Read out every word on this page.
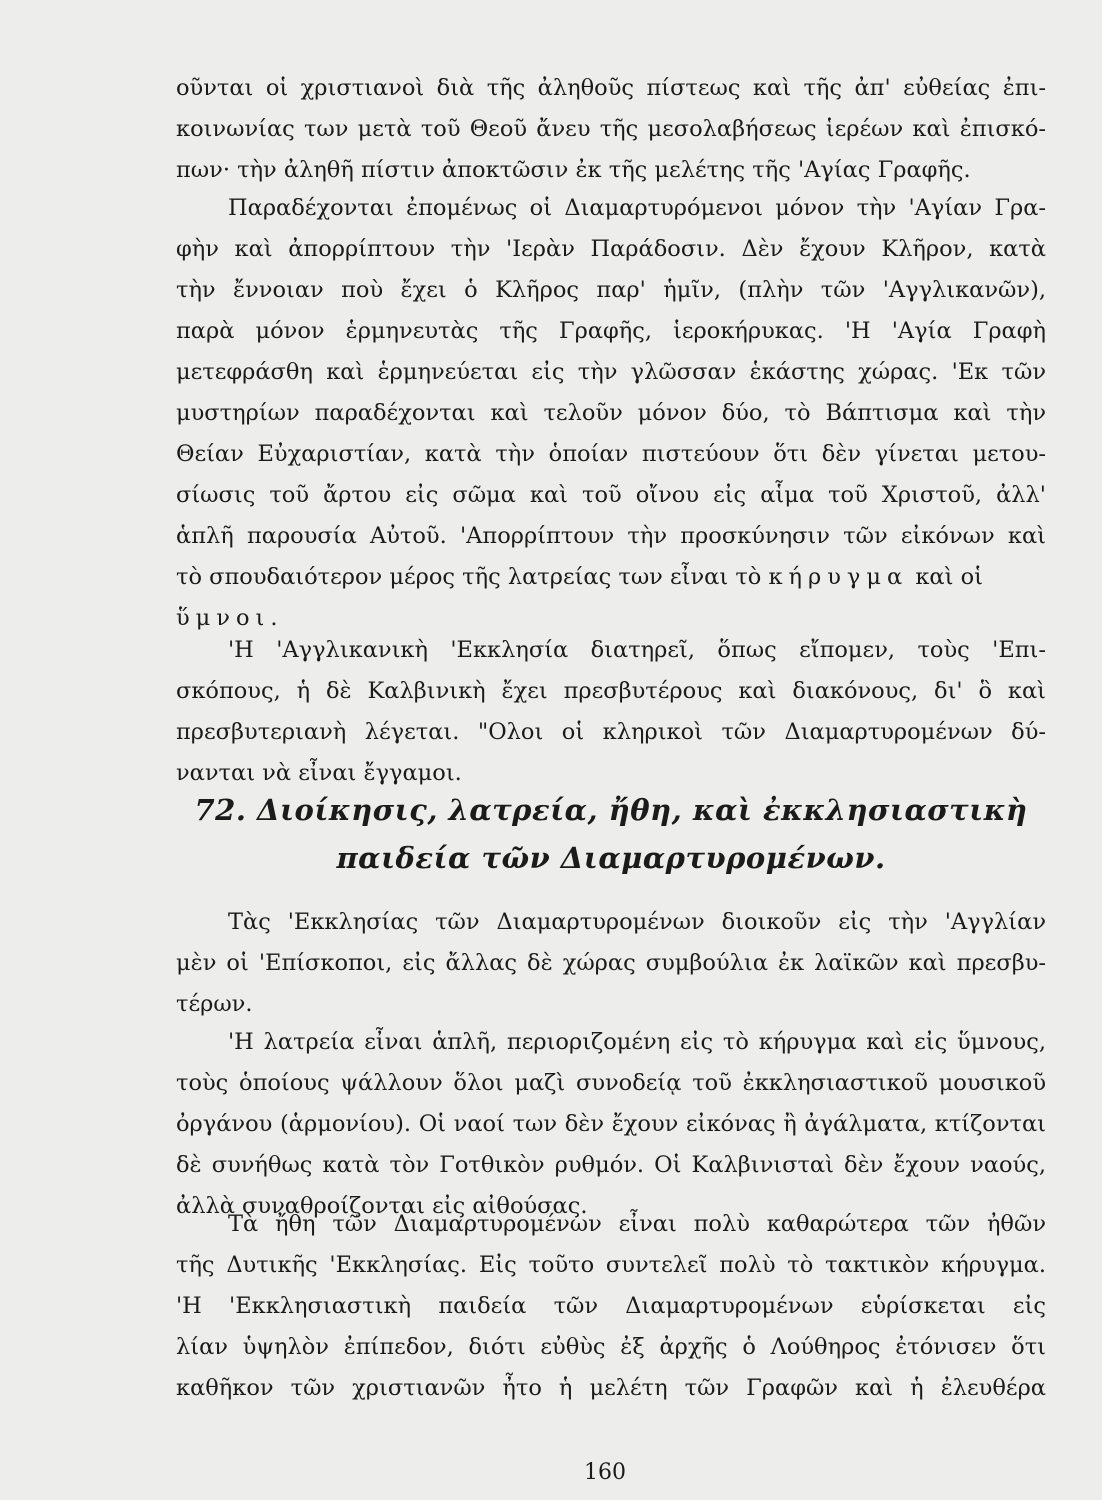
οῦνται οἱ χριστιανοὶ διὰ τῆς ἀληθοῦς πίστεως καὶ τῆς ἀπ' εὐθείας ἐπι-
κοινωνίας των μετὰ τοῦ Θεοῦ ἄνευ τῆς μεσολαβήσεως ἱερέων καὶ ἐπισκό-
πων· τὴν ἀληθῆ πίστιν ἀποκτῶσιν ἐκ τῆς μελέτης τῆς 'Αγίας Γραφῆς.
Παραδέχονται ἐπομένως οἱ Διαμαρτυρόμενοι μόνον τὴν 'Αγίαν Γρα-
φὴν καὶ ἀπορρίπτουν τὴν 'Ιερὰν Παράδοσιν. Δὲν ἔχουν Κλῆρον, κατὰ
τὴν ἔννοιαν ποὺ ἔχει ὁ Κλῆρος παρ' ἡμῖν, (πλὴν τῶν 'Αγγλικανῶν),
παρὰ μόνον ἑρμηνευτὰς τῆς Γραφῆς, ἱεροκήρυκας. 'Η 'Αγία Γραφὴ
μετεφράσθη καὶ ἑρμηνεύεται εἰς τὴν γλῶσσαν ἑκάστης χώρας. 'Εκ τῶν
μυστηρίων παραδέχονται καὶ τελοῦν μόνον δύο, τὸ Βάπτισμα καὶ τὴν
Θείαν Εὐχαριστίαν, κατὰ τὴν ὁποίαν πιστεύουν ὅτι δὲν γίνεται μετου-
σίωσις τοῦ ἄρτου εἰς σῶμα καὶ τοῦ οἴνου εἰς αἷμα τοῦ Χριστοῦ, ἀλλ'
ἁπλῆ παρουσία Αὐτοῦ. 'Απορρίπτουν τὴν προσκύνησιν τῶν εἰκόνων καὶ
τὸ σπουδαιότερον μέρος τῆς λατρείας των εἶναι τὸ κήρυγμα καὶ οἱ
ὕμνοι.
'Η 'Αγγλικανικὴ 'Εκκλησία διατηρεῖ, ὅπως εἴπομεν, τοὺς 'Επι-
σκόπους, ἡ δὲ Καλβινικὴ ἔχει πρεσβυτέρους καὶ διακόνους, δι' ὃ καὶ
πρεσβυτεριανὴ λέγεται. "Ολοι οἱ κληρικοὶ τῶν Διαμαρτυρομένων δύ-
νανται νὰ εἶναι ἔγγαμοι.
72. Διοίκησις, λατρεία, ἤθη, καὶ ἐκκλησιαστικὴ
παιδεία τῶν Διαμαρτυρομένων.
Τὰς 'Εκκλησίας τῶν Διαμαρτυρομένων διοικοῦν εἰς τὴν 'Αγγλίαν
μὲν οἱ 'Επίσκοποι, εἰς ἄλλας δὲ χώρας συμβούλια ἐκ λαϊκῶν καὶ πρεσβυ-
τέρων.
'Η λατρεία εἶναι ἁπλῆ, περιοριζομένη εἰς τὸ κήρυγμα καὶ εἰς ὕμνους,
τοὺς ὁποίους ψάλλουν ὅλοι μαζὶ συνοδείᾳ τοῦ ἐκκλησιαστικοῦ μουσικοῦ
ὀργάνου (ἁρμονίου). Οἱ ναοί των δὲν ἔχουν εἰκόνας ἢ ἀγάλματα, κτίζονται
δὲ συνήθως κατὰ τὸν Γοτθικὸν ρυθμόν. Οἱ Καλβινισταὶ δὲν ἔχουν ναούς,
ἀλλὰ συναθροίζονται εἰς αἰθούσας.
Τὰ ἤθη τῶν Διαμαρτυρομένων εἶναι πολὺ καθαρώτερα τῶν ἠθῶν
τῆς Δυτικῆς 'Εκκλησίας. Εἰς τοῦτο συντελεῖ πολὺ τὸ τακτικὸν κήρυγμα.
'Η 'Εκκλησιαστικὴ παιδεία τῶν Διαμαρτυρομένων εὑρίσκεται εἰς
λίαν ὑψηλὸν ἐπίπεδον, διότι εὐθὺς ἐξ ἀρχῆς ὁ Λούθηρος ἐτόνισεν ὅτι
καθῆκον τῶν χριστιανῶν ἦτο ἡ μελέτη τῶν Γραφῶν καὶ ἡ ἐλευθέρα
160
